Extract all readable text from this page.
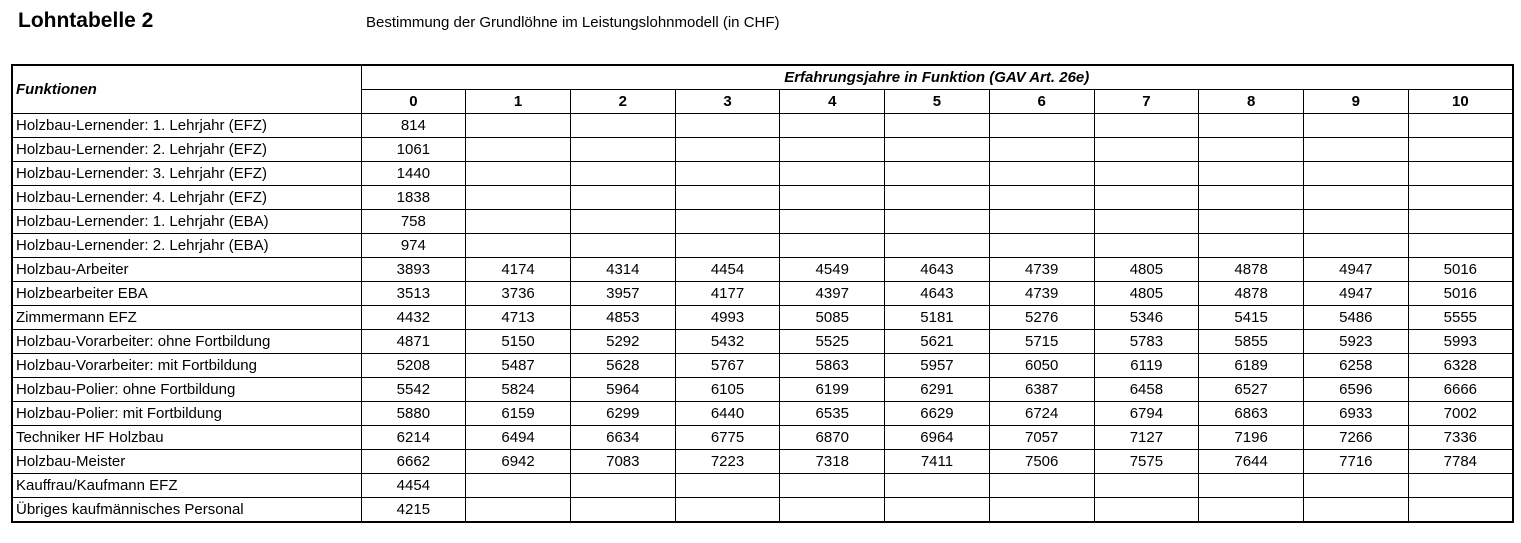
Lohntabelle 2	Bestimmung der Grundlöhne im Leistungslohnmodell (in CHF)
Funktionen	Erfahrungsjahre in Funktion (GAV Art. 26e)										
	0	1	2	3	4	5	6	7	8	9	10
Holzbau-Lernender: 1. Lehrjahr (EFZ)	814										
Holzbau-Lernender: 2. Lehrjahr (EFZ)	1061										
Holzbau-Lernender: 3. Lehrjahr (EFZ)	1440										
Holzbau-Lernender: 4. Lehrjahr (EFZ)	1838										
Holzbau-Lernender: 1. Lehrjahr (EBA)	758										
Holzbau-Lernender: 2. Lehrjahr (EBA)	974										
Holzbau-Arbeiter	3893	4174	4314	4454	4549	4643	4739	4805	4878	4947	5016
Holzbearbeiter EBA	3513	3736	3957	4177	4397	4643	4739	4805	4878	4947	5016
Zimmermann EFZ	4432	4713	4853	4993	5085	5181	5276	5346	5415	5486	5555
Holzbau-Vorarbeiter: ohne Fortbildung	4871	5150	5292	5432	5525	5621	5715	5783	5855	5923	5993
Holzbau-Vorarbeiter: mit Fortbildung	5208	5487	5628	5767	5863	5957	6050	6119	6189	6258	6328
Holzbau-Polier: ohne Fortbildung	5542	5824	5964	6105	6199	6291	6387	6458	6527	6596	6666
Holzbau-Polier: mit Fortbildung	5880	6159	6299	6440	6535	6629	6724	6794	6863	6933	7002
Techniker HF Holzbau	6214	6494	6634	6775	6870	6964	7057	7127	7196	7266	7336
Holzbau-Meister	6662	6942	7083	7223	7318	7411	7506	7575	7644	7716	7784
Kauffrau/Kaufmann EFZ	4454										
Übriges kaufmännisches Personal	4215										
